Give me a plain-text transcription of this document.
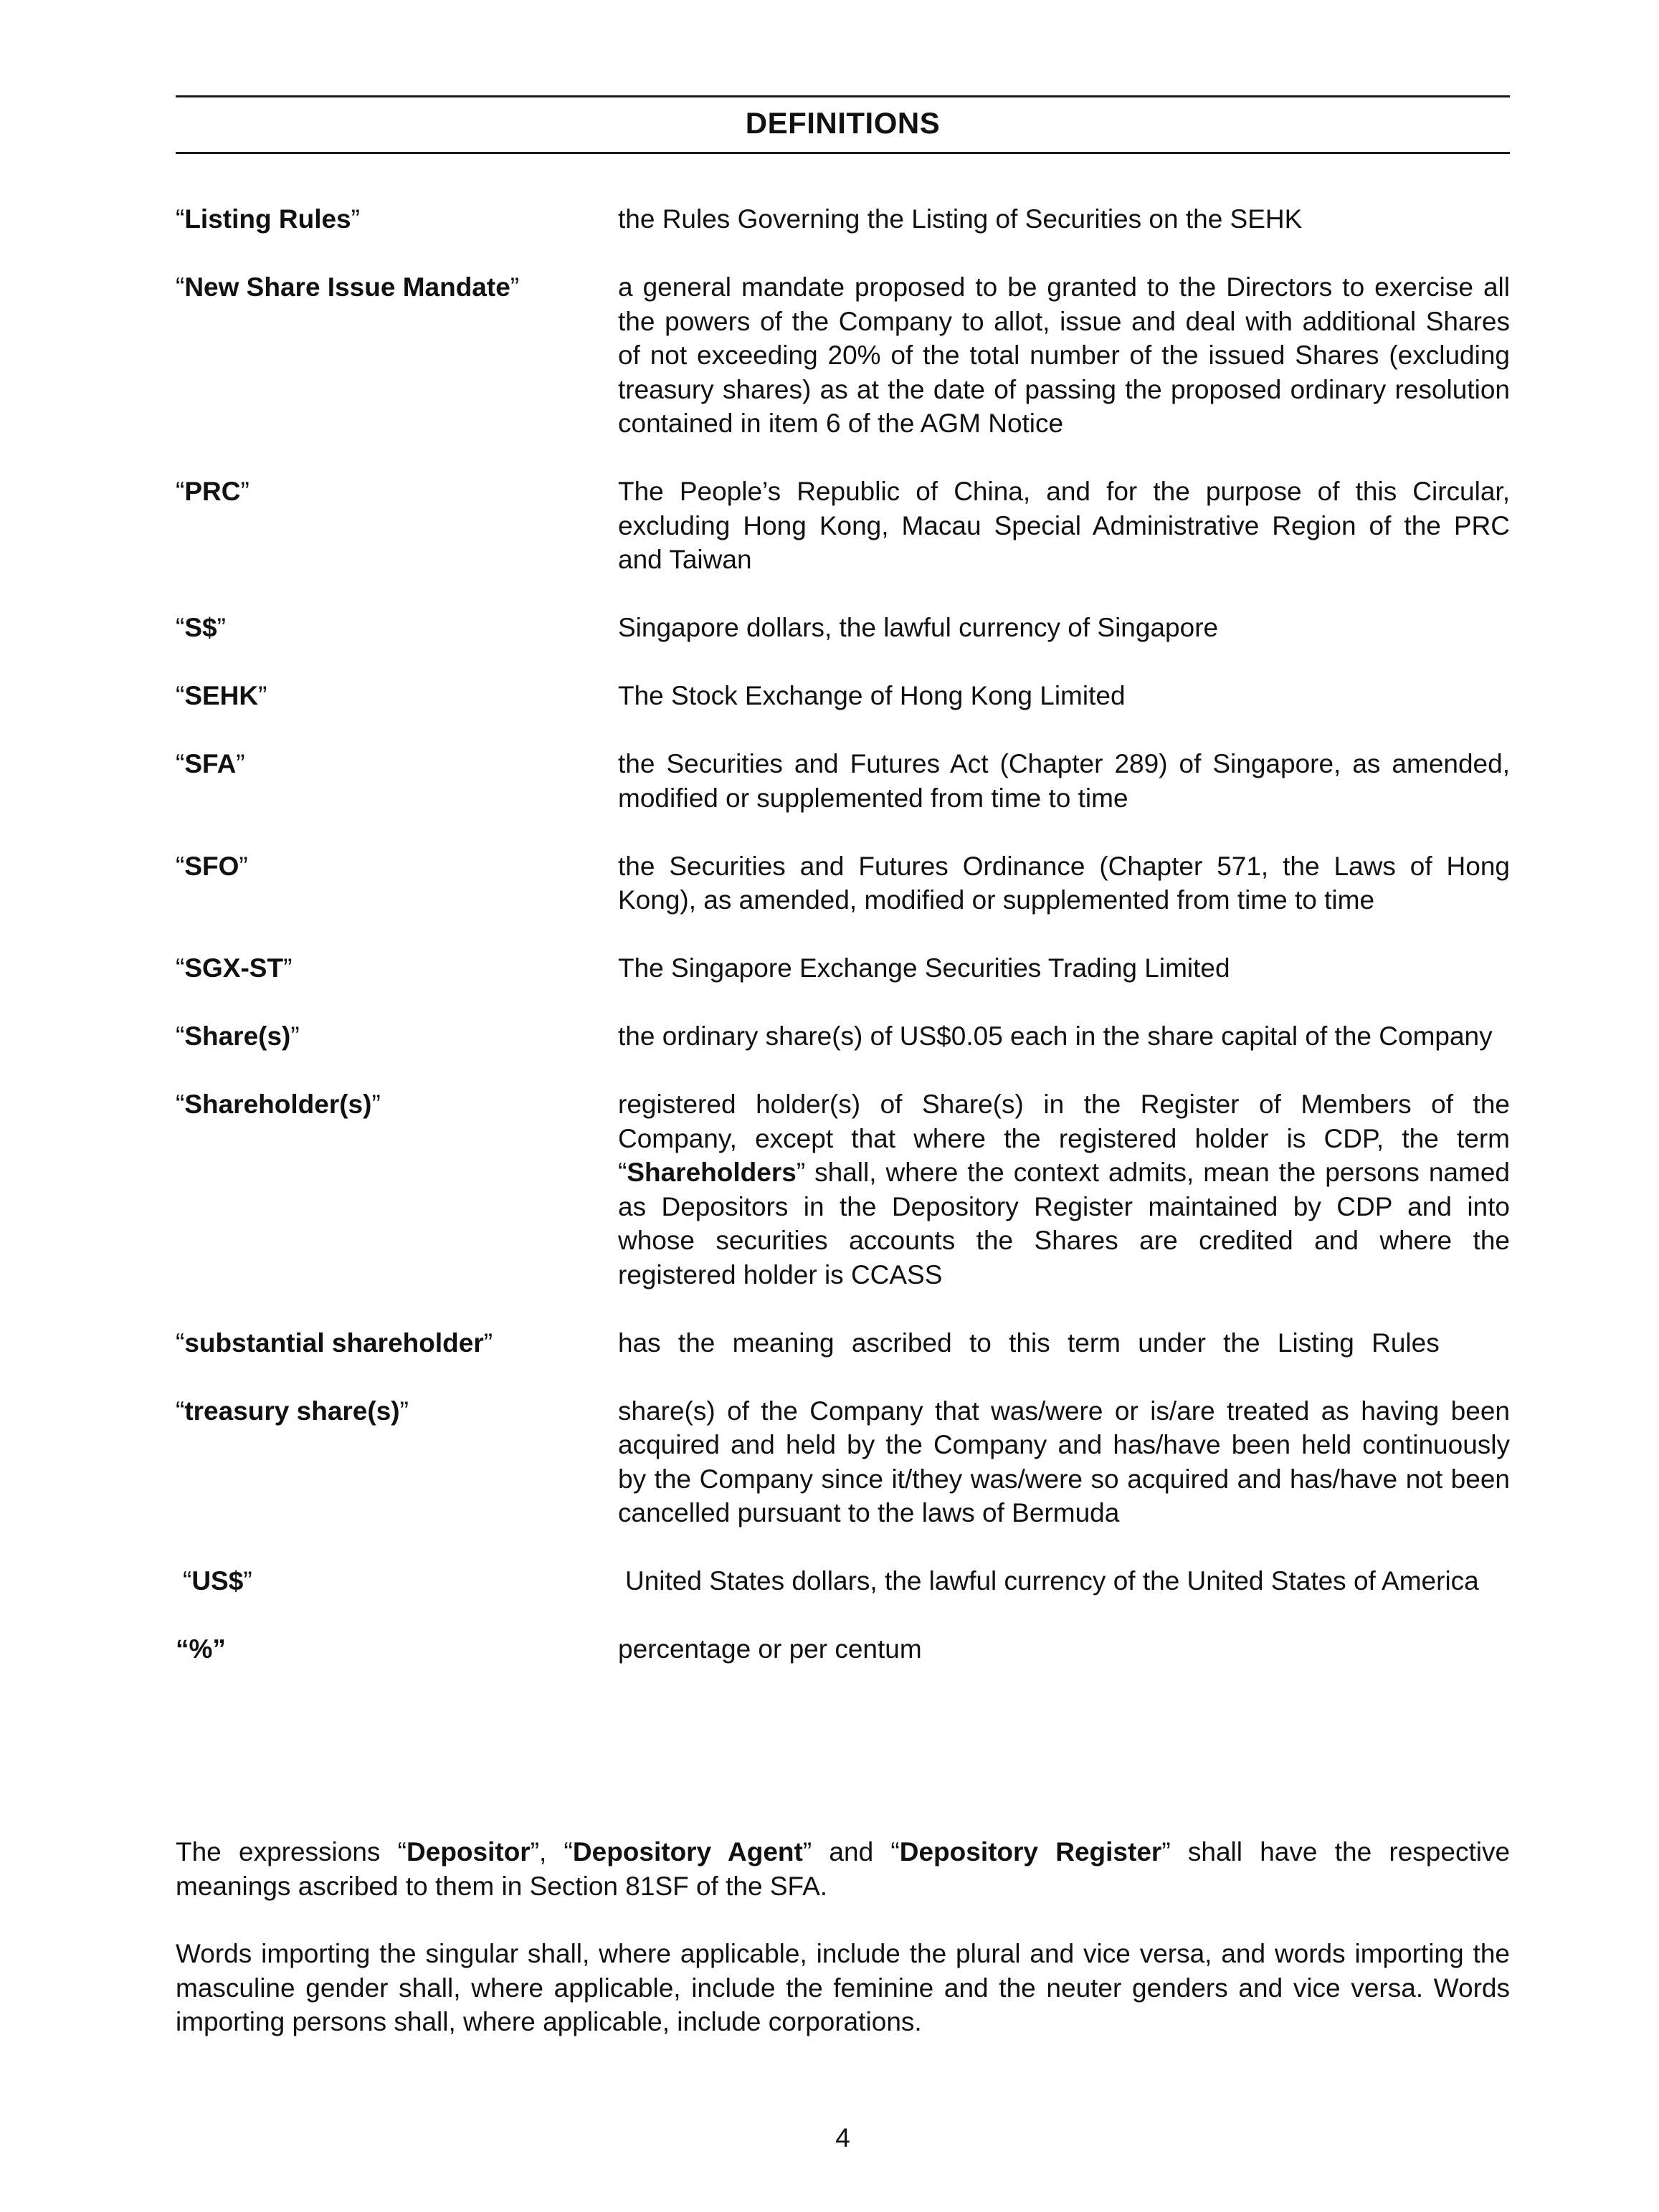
DEFINITIONS
“Listing Rules”	the Rules Governing the Listing of Securities on the SEHK
“New Share Issue Mandate”	a general mandate proposed to be granted to the Directors to exercise all the powers of the Company to allot, issue and deal with additional Shares of not exceeding 20% of the total number of the issued Shares (excluding treasury shares) as at the date of passing the proposed ordinary resolution contained in item 6 of the AGM Notice
“PRC”	The People’s Republic of China, and for the purpose of this Circular, excluding Hong Kong, Macau Special Administrative Region of the PRC and Taiwan
“S$”	Singapore dollars, the lawful currency of Singapore
“SEHK”	The Stock Exchange of Hong Kong Limited
“SFA”	the Securities and Futures Act (Chapter 289) of Singapore, as amended, modified or supplemented from time to time
“SFO”	the Securities and Futures Ordinance (Chapter 571, the Laws of Hong Kong), as amended, modified or supplemented from time to time
“SGX-ST”	The Singapore Exchange Securities Trading Limited
“Share(s)”	the ordinary share(s) of US$0.05 each in the share capital of the Company
“Shareholder(s)”	registered holder(s) of Share(s) in the Register of Members of the Company, except that where the registered holder is CDP, the term “Shareholders” shall, where the context admits, mean the persons named as Depositors in the Depository Register maintained by CDP and into whose securities accounts the Shares are credited and where the registered holder is CCASS
“substantial shareholder”	has the meaning ascribed to this term under the Listing Rules
“treasury share(s)”	share(s) of the Company that was/were or is/are treated as having been acquired and held by the Company and has/have been held continuously by the Company since it/they was/were so acquired and has/have not been cancelled pursuant to the laws of Bermuda
“US$”	United States dollars, the lawful currency of the United States of America
“%”	percentage or per centum
The expressions “Depositor”, “Depository Agent” and “Depository Register” shall have the respective meanings ascribed to them in Section 81SF of the SFA.
Words importing the singular shall, where applicable, include the plural and vice versa, and words importing the masculine gender shall, where applicable, include the feminine and the neuter genders and vice versa. Words importing persons shall, where applicable, include corporations.
4
